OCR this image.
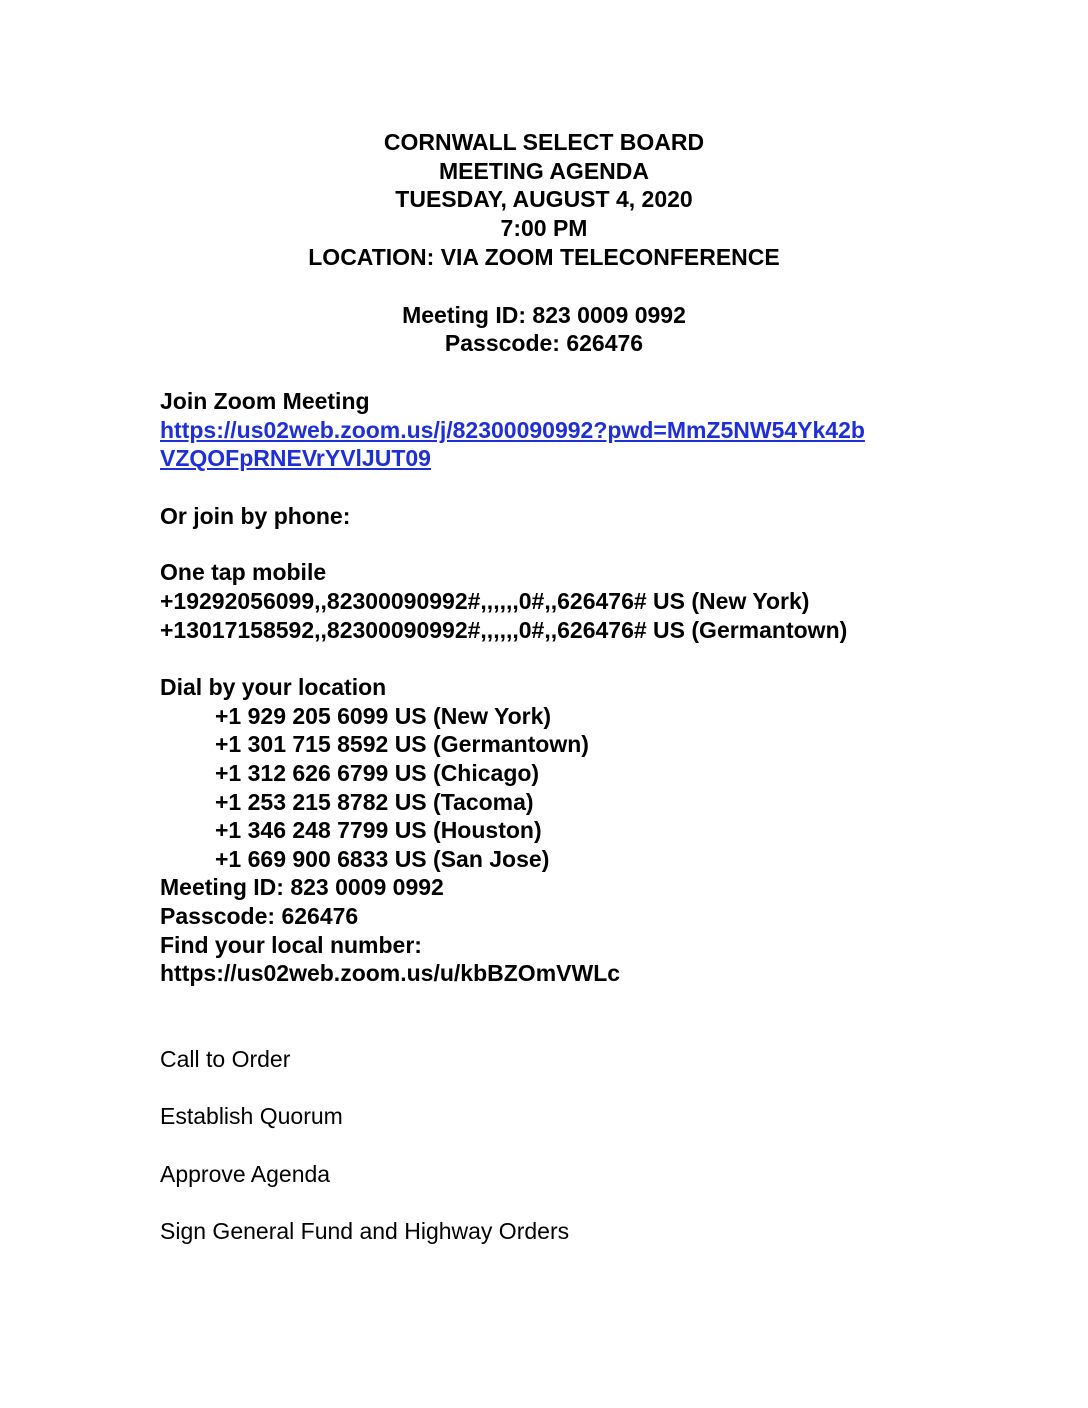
CORNWALL SELECT BOARD
MEETING AGENDA
TUESDAY, AUGUST 4, 2020
7:00 PM
LOCATION: VIA ZOOM TELECONFERENCE
Meeting ID: 823 0009 0992
Passcode: 626476
Join Zoom Meeting
https://us02web.zoom.us/j/82300090992?pwd=MmZ5NW54Yk42b
VZQOFpRNEVrYVlJUT09
Or join by phone:
One tap mobile
+19292056099,,82300090992#,,,,,,0#,,626476# US (New York)
+13017158592,,82300090992#,,,,,,0#,,626476# US (Germantown)
Dial by your location
+1 929 205 6099 US (New York)
+1 301 715 8592 US (Germantown)
+1 312 626 6799 US (Chicago)
+1 253 215 8782 US (Tacoma)
+1 346 248 7799 US (Houston)
+1 669 900 6833 US (San Jose)
Meeting ID: 823 0009 0992
Passcode: 626476
Find your local number:
https://us02web.zoom.us/u/kbBZOmVWLc
Call to Order
Establish Quorum
Approve Agenda
Sign General Fund and Highway Orders
